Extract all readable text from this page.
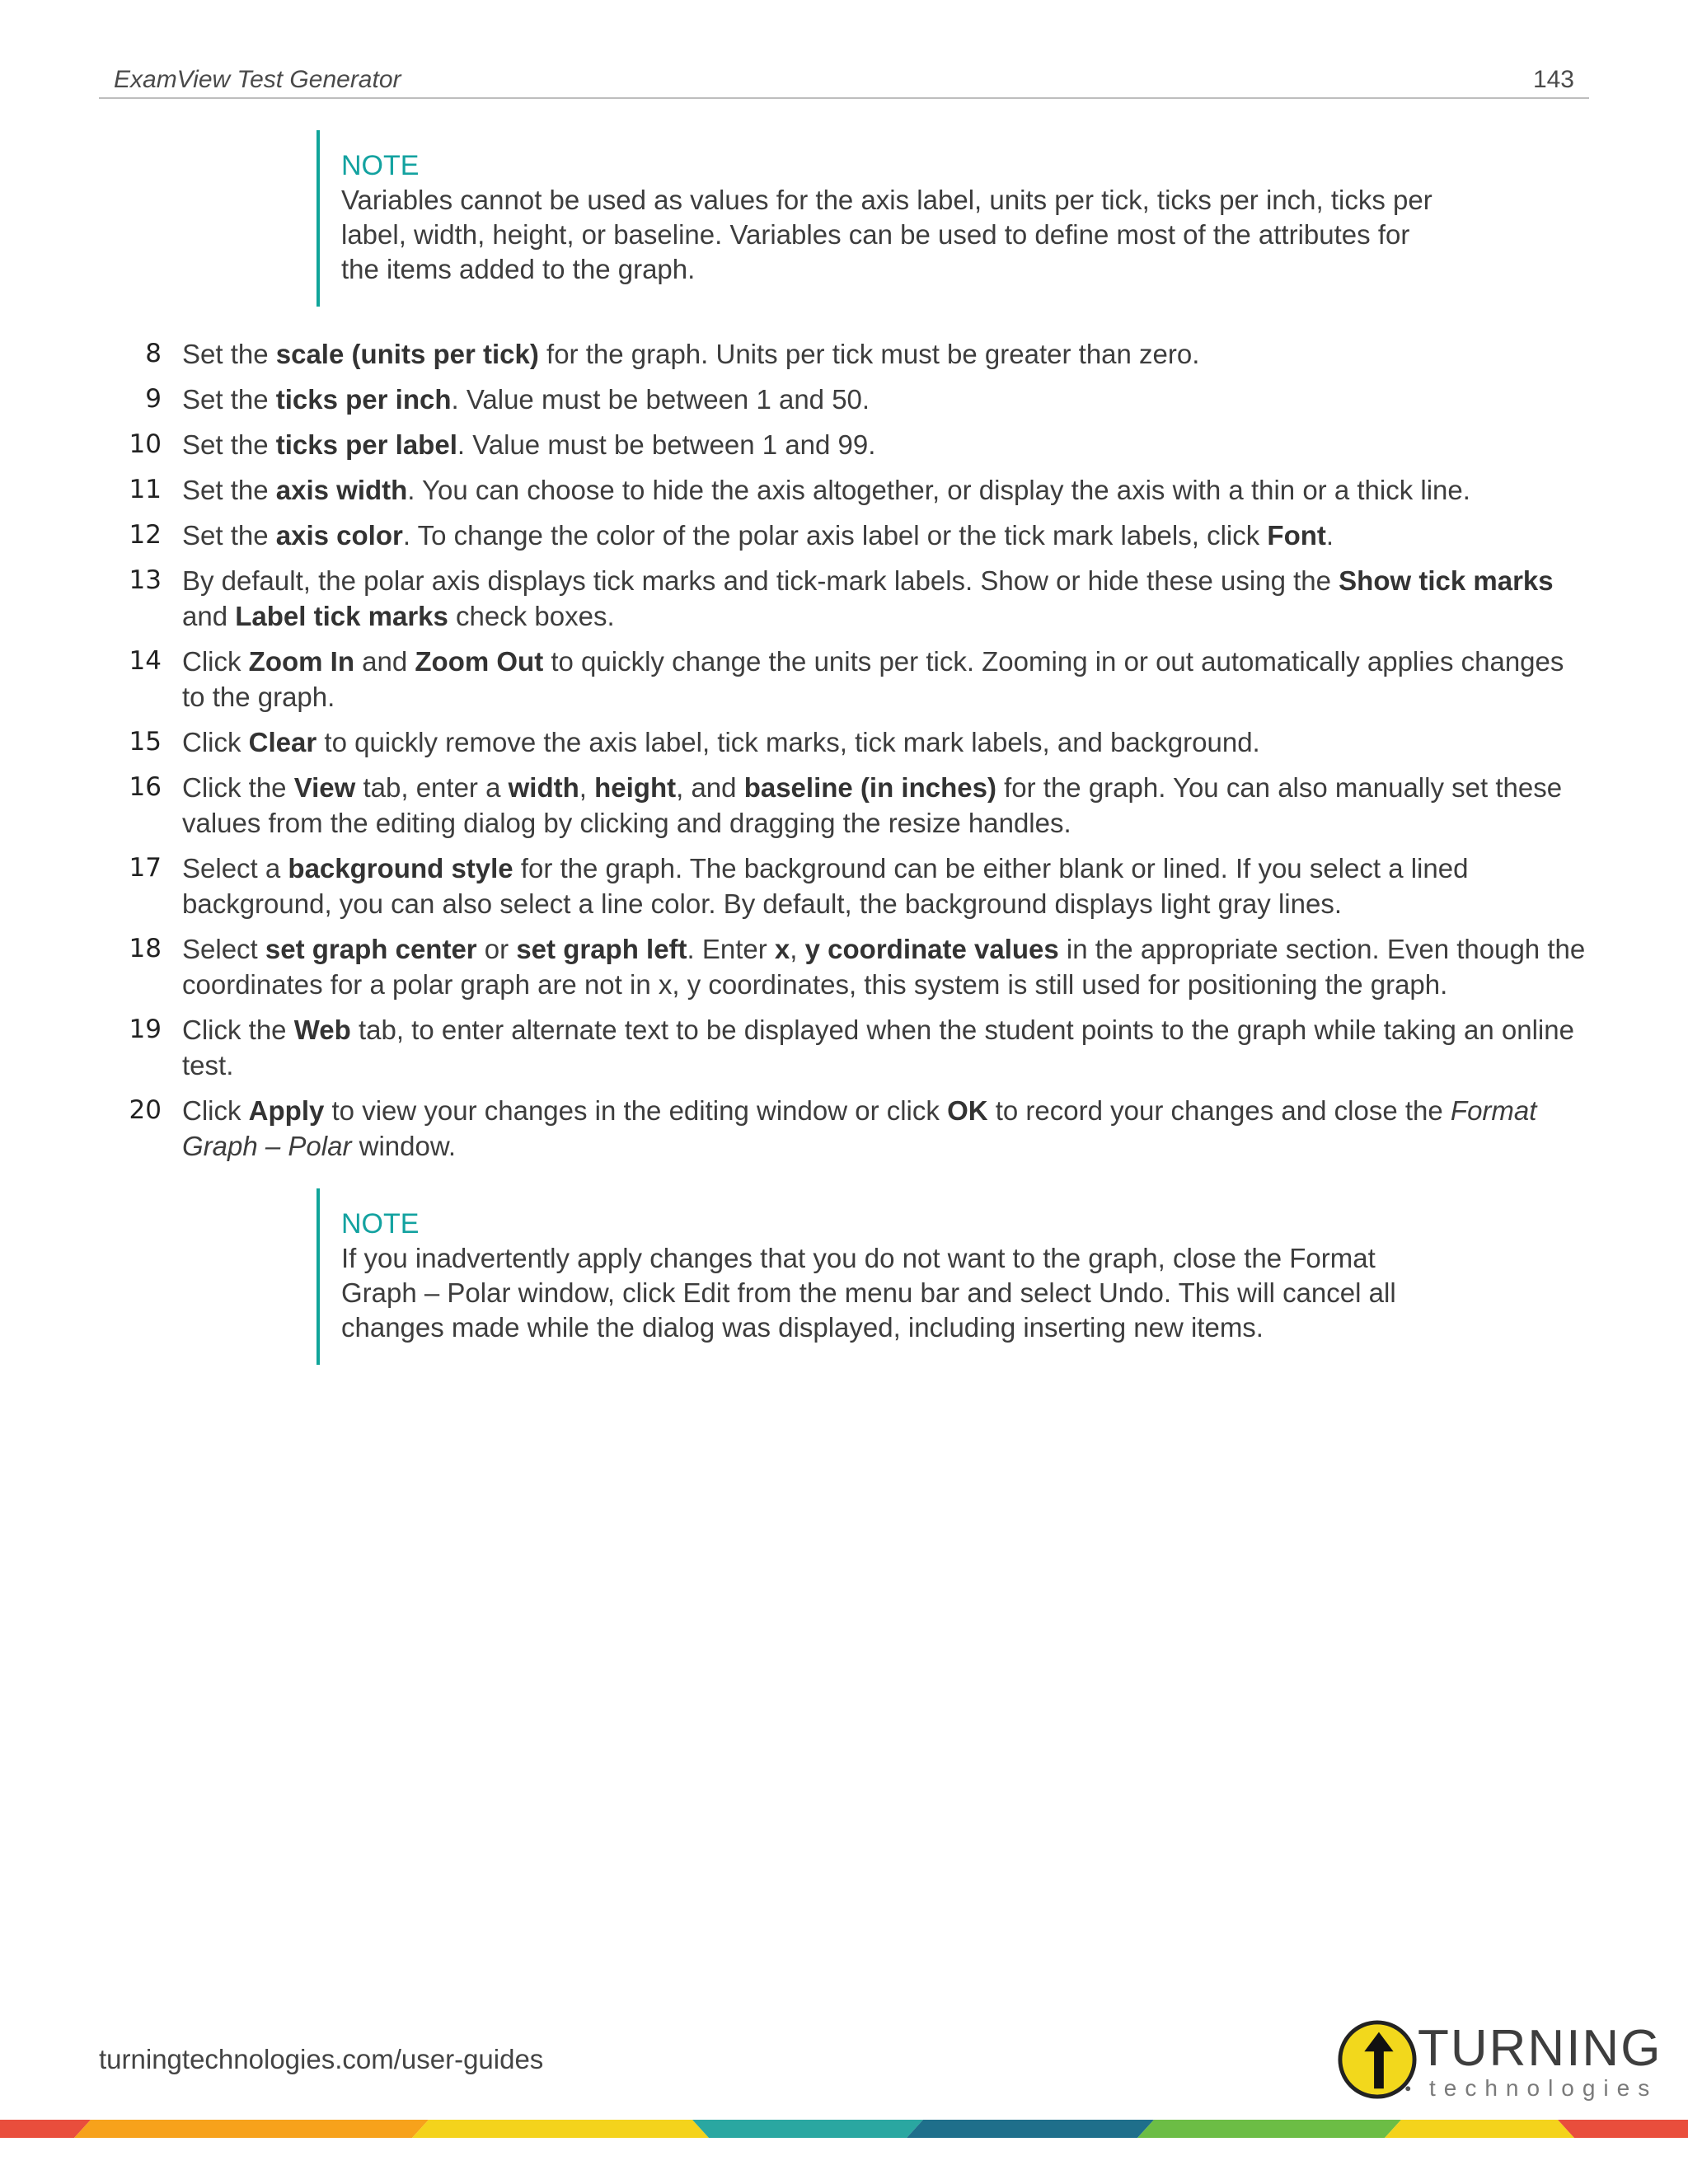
ExamView Test Generator	143
NOTE
Variables cannot be used as values for the axis label, units per tick, ticks per inch, ticks per label, width, height, or baseline. Variables can be used to define most of the attributes for the items added to the graph.
8 Set the scale (units per tick) for the graph. Units per tick must be greater than zero.
9 Set the ticks per inch. Value must be between 1 and 50.
10 Set the ticks per label. Value must be between 1 and 99.
11 Set the axis width. You can choose to hide the axis altogether, or display the axis with a thin or a thick line.
12 Set the axis color. To change the color of the polar axis label or the tick mark labels, click Font.
13 By default, the polar axis displays tick marks and tick-mark labels. Show or hide these using the Show tick marks and Label tick marks check boxes.
14 Click Zoom In and Zoom Out to quickly change the units per tick. Zooming in or out automatically applies changes to the graph.
15 Click Clear to quickly remove the axis label, tick marks, tick mark labels, and background.
16 Click the View tab, enter a width, height, and baseline (in inches) for the graph. You can also manually set these values from the editing dialog by clicking and dragging the resize handles.
17 Select a background style for the graph. The background can be either blank or lined. If you select a lined background, you can also select a line color. By default, the background displays light gray lines.
18 Select set graph center or set graph left. Enter x, y coordinate values in the appropriate section. Even though the coordinates for a polar graph are not in x, y coordinates, this system is still used for positioning the graph.
19 Click the Web tab, to enter alternate text to be displayed when the student points to the graph while taking an online test.
20 Click Apply to view your changes in the editing window or click OK to record your changes and close the Format Graph – Polar window.
NOTE
If you inadvertently apply changes that you do not want to the graph, close the Format Graph – Polar window, click Edit from the menu bar and select Undo. This will cancel all changes made while the dialog was displayed, including inserting new items.
turningtechnologies.com/user-guides	TURNING
technologies
